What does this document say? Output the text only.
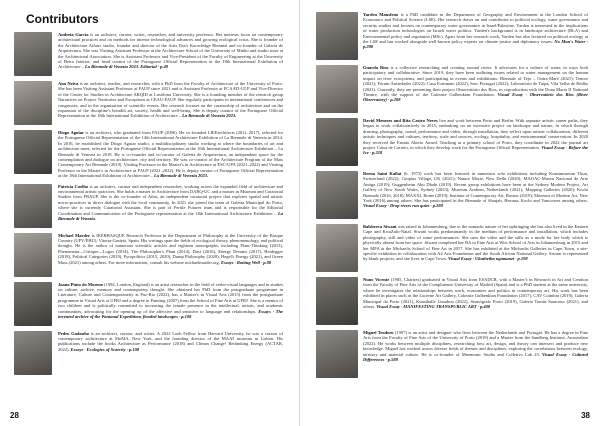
Contributors
Andreia Garcia is an architect, curator, writer, researcher, and university professor. Her interests focus on contemporary architectural practices and on methods for intense technological advances and growing ecological crisis. She is founder of the Architecture Affairs studio, founder and director of the Artis Ilea's Knowledge Biennial and co-founder of Galeria de Arquitectura. She was Visiting Assistant Professor at the Architecture School of the University of Minho and studio tutor at the Architectural Association. She is Assistant Professor and Vice-President of the Faculty of Engineering at the University of Beira Interior, and head curator of the Portuguese Official Representation at the 18th International Exhibition of Architecture – La Biennale di Venezia 2023. Editorial · p.48
Ana Neiva is an architect, teacher, and researcher, with a PhD from the Faculty of Architecture of the University of Porto. She has been Visiting Assistant Professor at FAUP since 2021 and is Assistant Professor at FCAATI-ULP and Vice-Director of the Center for Studies in Architecture ARQID at Lusófona University. She is a founding member of the research group Narratives on Project Territories and Exceptions at CEAU-FAUP. She regularly participates in international conferences and congresses, and in the organisation of scientific events. Her research focuses on the curatorship of architecture and on the expansion of the discipline's breadth art, society, health and well-being. She is deputy curator of the Portuguese Official Representation at the 18th International Exhibition of Architecture – La Biennale di Venezia 2023.
Diogo Aguiar is an architect, who graduated from FAUP (2006). He co-founded LIEEarchitects (2011–2017), selected for the Portuguese Official Representation of the 14th International Architecture Exhibition of La Biennale di Venezia in 2014. In 2016, he established the Diogo Aguiar studio, a multidisciplinary studio working at where the boundaries of art and architecture meet, selected for the Portuguese Official Representation at the 16th International Architecture Exhibition – La Biennale di Venezia in 2018. He is co-founder and co-curator of Galeria de Arquitectura, an independent space for the contemplation and dialogue on architecture, city and territory. He was co-curator of the Architecture Program of the Mais Contemporary Art Biennale (2019). Visiting Professor in the Master's in Architecture at ESC-UPA (2021–2022) and Visiting Professor in the Master's in Architecture at FAUP (2021–2022). He is deputy curator of Portuguese Official Representation at the 18th International Exhibition of Architecture – La Biennale di Venezia 2023.
Patrícia Coelho is an architect, curator and independent researcher, working across the expanded field of architecture and environmental artistic practices. She holds a master in Architecture from DARQ-UC and a master in Museum and Curatorial Studies from FBAUP. She is the co-founder of Atlas, an independent curatorial project that explores spatial and artistic micro-practices in direct dialogue with the local community. In 2021 she joined the team of Galeria Municipal do Porto, where she is currently Curatorial Assistant. She is part of Fertile Futures team and is responsible for the Editorial Coordination and Communication of the Portuguese representation at the 18th International Architecture Exhibition – La Biennale di Venezia.
Michael Marder is IKERBASQUE Research Professor in the Department of Philosophy at the University of the Basque Country (UPV/EHU), Vitoria-Gasteiz, Spain. His writings span the fields of ecological theory, phenomenology, and political thought. He is the author of numerous scientific articles and eighteen monographs, including Plant-Thinking (2013), Phenomena—Critique—Logos (2014), The Philosopher's Plant (2014), Dust (2016), Energy Dreams (2017), Heidegger (2018), Political Categories (2019), Pyropolitics (2015, 2020), Dump Philosophy (2020), Hegel's Energy (2021), and Green Mass (2021) among others. For more information, consult his website michaelmarder.org. Essays · Rotting Well · p.88
Joana Pinto do Moreno (1994, London, England) is an artist researcher in the field of verbo-visual languages and in studies on culture, archive, memory and contemporary thought. She obtained her PhD from the postgraduate programme in Literature, Culture and Contemporaneity at Puc-Rio (2022), has a Master's in Visual Arts (2015) from the postgraduate programme in Visual Arts at UFRJ and a degree in Painting (2007) from the School of Fine Arts at UFRJ. She is a mentor of two children and is politically committed to increasing the female presence in the intellectual, artistic, and academic communities, advocating for the opening up of the affective and sensitive to language and relationships. Essays · The invented archive of the Pantanal Expeditions flooded landscapes · p.108
Pedro Gadanho is an architect, curator, and writer. A 2022 Loeb Fellow from Harvard University, he was a curator of contemporary architecture at MoMA, New York, and the founding director of the MAAT museum in Lisbon. His publications include the books Architecture as Performance (2018) and Climax Change! Rethinking Energy (ACTAR, 2022). Essays · Ecologies of Scarcity · p.108
28
Yarden Mansfeno is a PhD candidate in the Department of Geography and Environment at the London School of Economics and Political Science (LSE). Her research draws on and contributes to political ecology, water governance and security studies and focuses on contemporary water governance in Israel/Palestine. Yarden is interested in the implications of water production technologies on Israeli water politics. Yarden's background is in landscape architecture (BLA) and Environmental policy and regulation (MSc). Apart from her research work, Yarden has also lectured on political ecology at the LSE and has worked alongside well-known policy experts on climate justice and diplomacy issues. No Man's Water · p.288
Guarda Rios is a collective researching and creating around rivers. It advocates for a culture of water, in ways both participatory and collaborative. Since 2019, they have been outlining issues related to water management on the human impact on river ecosystems, and participating in events and exhibitions: Biennale of Tejo – Outra Maré (2021); Tenore (2021); Fórum Ansiedades (2022); Casa Fortunato (2022); Sesc Portugal (2022), Laboratório de Taipa, Vila Velha de Ródão (2021). Currently, they are presenting their project Observatório dos Rios, in coproduction with the Dona Maria II National Theatre, with the support of the Calouste Gulbenkian Foundation. Visual Essay · Observatório dos Rios (River Observatory) · p.208
David Meneses and Rita Castro Neves live and work between Porto and Berlin. With separate artistic career paths, they began to work collaboratively in 2015, embarking on an extensive project on landscape and nature, in which through drawing, photography, sound, performance and video, through installation, they reflect upon artistic collaboration, different artistic techniques and cultures, territory, scale and sources, ecology, hospitality, and environmental conservation. In 2020 they received the Ensaio Aberto Award. Teaching at a primary school of Porto, they coordinate in 2022 the journal art project Caixa de Correio, in which they develop work for the Portuguese Official Representation. Visual Essay · Before the Ice · p.318
Reena Saini Kallat (b. 1973) work has been featured in numerous solo exhibitions including Kunstmuseum Thun, Switzerland (2022); Gropius Village, UK (2021); Nature Morte, New Delhi (2020); MAOAC-Museu Nacional de Arte Antiga (2019); Guggenheim Abu Dhabi (2019). Recent group exhibitions have been at the Sydney Modern Project, Art Gallery of New South Wales, Sydney (2023); Museum Arnhem, Netherlands (2021); Mapping Galleries (2020); Kochi Biennale (2016, 2018), MAXXI, Rome (2019); Institute of Contemporary Art, Boston (2019); Museum of Modern Art, New York (2016) among others. She has participated in the Biennale of Sharjah, Havana, Kochi and Vancouver among others. Visual Essay · Drop rivers run quiet · p.288
Balsheeva Siwani was raised in Johannesburg, due to the nomadic nature of her upbringing she has also lived in the Eastern Cape and KwaZulu-Natal. Siwani works predominantly in the medium of performance and installation, which includes photography, still and video of some performances. She uses the video and the stills as a mode for her body which is physically absent from her space. Siwani completed her BA in Fine Arts at Wits School of Arts in Johannesburg in 2015 and her MFA at the Michaelis School of Fine Art in 2017. She has exhibited at the Michaelis Galleries in Cape Town, a site-specific exhibition in collaboration with A4 Arts Foundation and the South African National Gallery. Siwani is represented by blank projects, and she lives in Cape Town. Visual Essay · Ukuthetha ngamanzi · p.198
Nuno Vicente (1985, Chartres) graduated in Visual Arts from ESADCR, with a Master's in Research in Art and Creation from the Faculty of Fine Arts of the Complutense University of Madrid (Spain) and is a PhD student at the same university, where he investigates the relationships between work, economies and politics in contemporary art. His work has been exhibited in places such as the Lucerne Art Gallery, Calouste Gulbenkian Foundation (2017); CAV Coimbra (2019), Galeria Municipal do Porto (2021), Kunsthalle Lissabon (2022), Sismógrafo Porto (2019), Galería Tomás Saraceno (2021), and others. Visual Essay · MANIFESTING TRANSPUBLIC ART · p.408
Miguel Teodoro (1997) is an artist and designer who lives between the Netherlands and Portugal. He has a degree in Fine Arts from the Faculty of Fine Arts of the University of Porto (2019) and a Master from the Sandberg Instituut, Amsterdam (2022). He works between multiple disciplines, researching how art, design, and theory can intersect and produce new knowledge. Miguel has worked across diverse fields of themes and disciplines, exploring the correlations between ecology, territory and material culture. He is co-founder of Mnemonic Studio and Colletivo Lab 23. Visual Essay · Cultural Differences · p.588
38
